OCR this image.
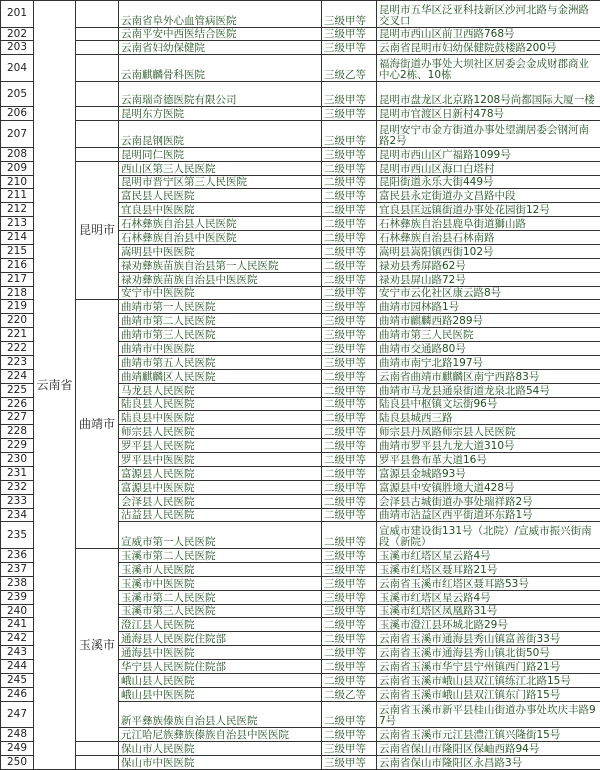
201	云南省		云南省阜外心血管病医院	三级甲等	昆明市五华区泛亚科技新区沙河北路与金洲路交叉口
202			云南平安中西医结合医院	三级甲等	昆明市西山区前卫西路768号
203			云南省妇幼保健院	三级甲等	云南省昆明市妇幼保健院鼓楼路200号
204			云南麒麟骨科医院	三级乙等	福海街道办事处大坝社区居委会金成财郡商业中心2栋、10栋
205			云南瑞奇德医院有限公司	三级甲等	昆明市盘龙区北京路1208号尚都国际大厦一楼
206			昆明东方医院	三级甲等	昆明市官渡区日新村478号
207			云南昆钢医院	三级甲等	昆明安宁市金方街道办事处望湖居委会钢河南路2号
208			昆明同仁医院	三级甲等	昆明市西山区广福路1099号
209		昆明市	西山区第三人民医院	二级甲等	昆明市西山区海口白塔村
210			昆明市晋宁区第三人民医院	二级甲等	昆阳街道永乐大街449号
211			富民县人民医院	二级甲等	富民县永定街道办文昌路中段
212			宜良县中医医院	二级甲等	宜良县匡远镇街道办事处花园街12号
213			石林彝族自治县人民医院	二级甲等	石林彝族自治县鹿阜街道獅山路
214			石林彝族自治县中医医院	二级甲等	石林彝族自治县石林南路
215			嵩明县中医医院	二级甲等	嵩明县嵩阳镇西街102号
216			禄劝彝族苗族自治县第一人民医院	二级甲等	禄劝县秀屏路62号
217			禄劝彝族苗族自治县中医医院	二级甲等	禄劝县屏山路72号
218			安宁市中医医院	二级甲等	安宁市云化社区康云路8号
219		曲靖市	曲靖市第一人民医院	三级甲等	曲靖市园林路1号
220			曲靖市第二人民医院	三级甲等	曲靖市麒麟西路289号
221			曲靖市第三人民医院	三级甲等	曲靖市第三人民医院
222			曲靖市中医医院	三级甲等	曲靖市交通路80号
223			曲靖市第五人民医院	三级甲等	曲靖市南宁北路197号
224			曲靖麒麟区人民医院	二级甲等	云南省曲靖市麒麟区南宁西路83号
225			马龙县人民医院	二级甲等	曲靖市马龙县通泉街道龙泉北路54号
226			陆良县人民医院	二级甲等	陆良县中枢镇文坛街96号
227			陆良县中医医院	二级甲等	陆良县城西三路
228			师宗县人民医院	二级甲等	师宗县丹凤路师宗县人民医院
229			罗平县人民医院	二级甲等	曲靖市罗平县九龙大道310号
230			罗平县中医医院	二级甲等	罗平县鲁布革大道16号
231			富源县人民医院	二级甲等	富源县金城路93号
232			富源县中医医院	二级甲等	富源县中安镇胜境大道428号
233			会泽县人民医院	二级甲等	会泽县古城街道办事处瑞祥路2号
234			沾益县人民医院	二级甲等	曲靖市沾益区西平街道环东路1号
235			宣威市第一人民医院	二级甲等	宣威市建设街131号（北院）/宣威市振兴街南段（新院）
236		玉溪市	玉溪市第二人民医院	三级甲等	玉溪市红塔区星云路4号
237			玉溪市人民医院	三级甲等	玉溪市红塔区聂耳路21号
238			玉溪市中医医院	三级甲等	云南省玉溪市红塔区聂耳路53号
239			玉溪市第二人民医院	三级甲等	玉溪市红塔区星云路4号
240			玉溪市第三人民医院	三级甲等	玉溪市红塔区凤凰路31号
241			澄江县人民医院	二级甲等	玉溪市澄江县环城北路29号
242			通海县人民医院住院部	二级甲等	云南省玉溪市通海县秀山镇富善街33号
243			通海县中医医院	二级甲等	云南省玉溪市通海县秀山镇北街50号
244			华宁县人民医院住院部	二级甲等	云南省玉溪市华宁县宁州镇西门路21号
245			峨山县人民医院	二级甲等	云南省玉溪市峨山县双江镇练江北路15号
246			峨山县中医医院	二级乙等	云南省玉溪市峨山县双江镇东门路15号
247			新平彝族傣族自治县人民医院	二级甲等	云南省玉溪市新平县桂山街道办事处坎庆丰路97号
248			元江哈尼族彝族傣族自治县中医医院	二级甲等	云南省玉溪市元江县澧江镇兴隆街15号
249			保山市人民医院	三级甲等	云南省保山市隆阳区保岫西路94号
250			保山市中医医院	三级甲等	云南省保山市隆阳区永昌路3号
